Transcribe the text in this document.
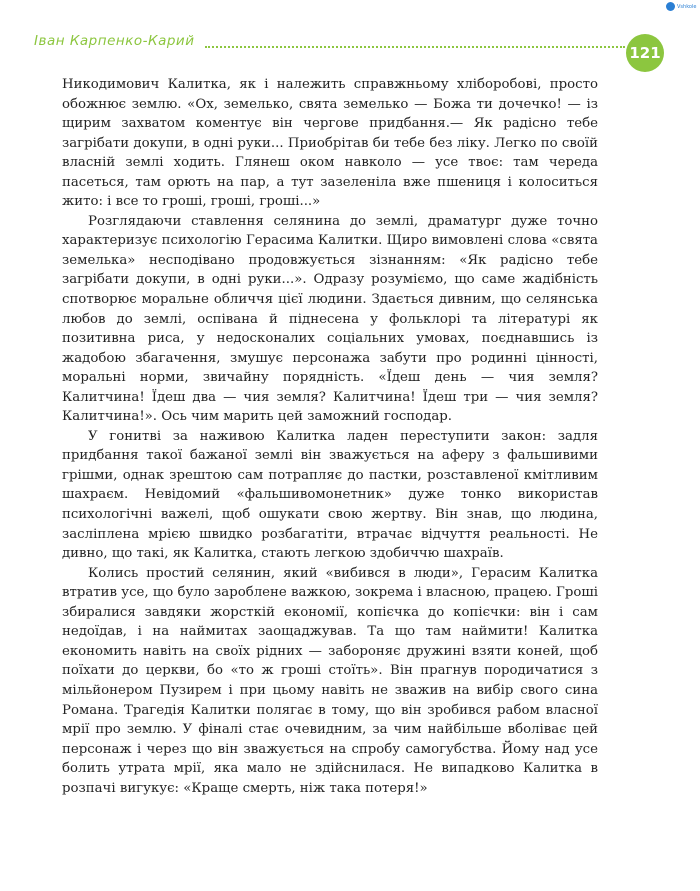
Vshkole
Іван Карпенко-Карий
121

Никодимович Калитка, як і належить справжньому хліборобові, просто обожнює землю. «Ох, земелько, свята земелько — Божа ти дочечко! — із щирим захватом коментує він чергове придбання.— Як радісно тебе загрібати докупи, в одні руки... Приобрітав би тебе без ліку. Легко по своїй власній землі ходить. Глянеш оком навколо — усе твоє: там череда пасеться, там орють на пар, а тут зазеленіла вже пшениця і колоситься жито: і все то гроші, гроші, гроші...»

Розглядаючи ставлення селянина до землі, драматург дуже точно характеризує психологію Герасима Калитки. Щиро вимовлені слова «свята земелька» несподівано продовжується зізнанням: «Як радісно тебе загрібати докупи, в одні руки...». Одразу розуміємо, що саме жадібність спотворює моральне обличчя цієї людини. Здається дивним, що селянська любов до землі, оспівана й піднесена у фольклорі та літературі як позитивна риса, у недосконалих соціальних умовах, поєднавшись із жадобою збагачення, змушує персонажа забути про родинні цінності, моральні норми, звичайну порядність. «Їдеш день — чия земля? Калитчина! Їдеш два — чия земля? Калитчина! Їдеш три — чия земля? Калитчина!». Ось чим марить цей заможний господар.

У гонитві за наживою Калитка ладен переступити закон: задля придбання такої бажаної землі він зважується на аферу з фальшивими грішми, однак зрештою сам потрапляє до пастки, розставленої кмітливим шахраєм. Невідомий «фальшивомонетник» дуже тонко використав психологічні важелі, щоб ошукати свою жертву. Він знав, що людина, засліплена мрією швидко розбагатіти, втрачає відчуття реальності. Не дивно, що такі, як Калитка, стають легкою здобиччю шахраїв.

Колись простий селянин, який «вибився в люди», Герасим Калитка втратив усе, що було зароблене важкою, зокрема і власною, працею. Гроші збиралися завдяки жорсткій економії, копієчка до копієчки: він і сам недоїдав, і на наймитах заощаджував. Та що там наймити! Калитка економить навіть на своїх рідних — забороняє дружині взяти коней, щоб поїхати до церкви, бо «то ж гроші стоїть». Він прагнув породичатися з мільйонером Пузирем і при цьому навіть не зважив на вибір свого сина Романа. Трагедія Калитки полягає в тому, що він зробився рабом власної мрії про землю. У фіналі стає очевидним, за чим найбільше вболіває цей персонаж і через що він зважується на спробу самогубства. Йому над усе болить утрата мрії, яка мало не здійснилася. Не випадково Калитка в розпачі вигукує: «Краще смерть, ніж така потеря!»
